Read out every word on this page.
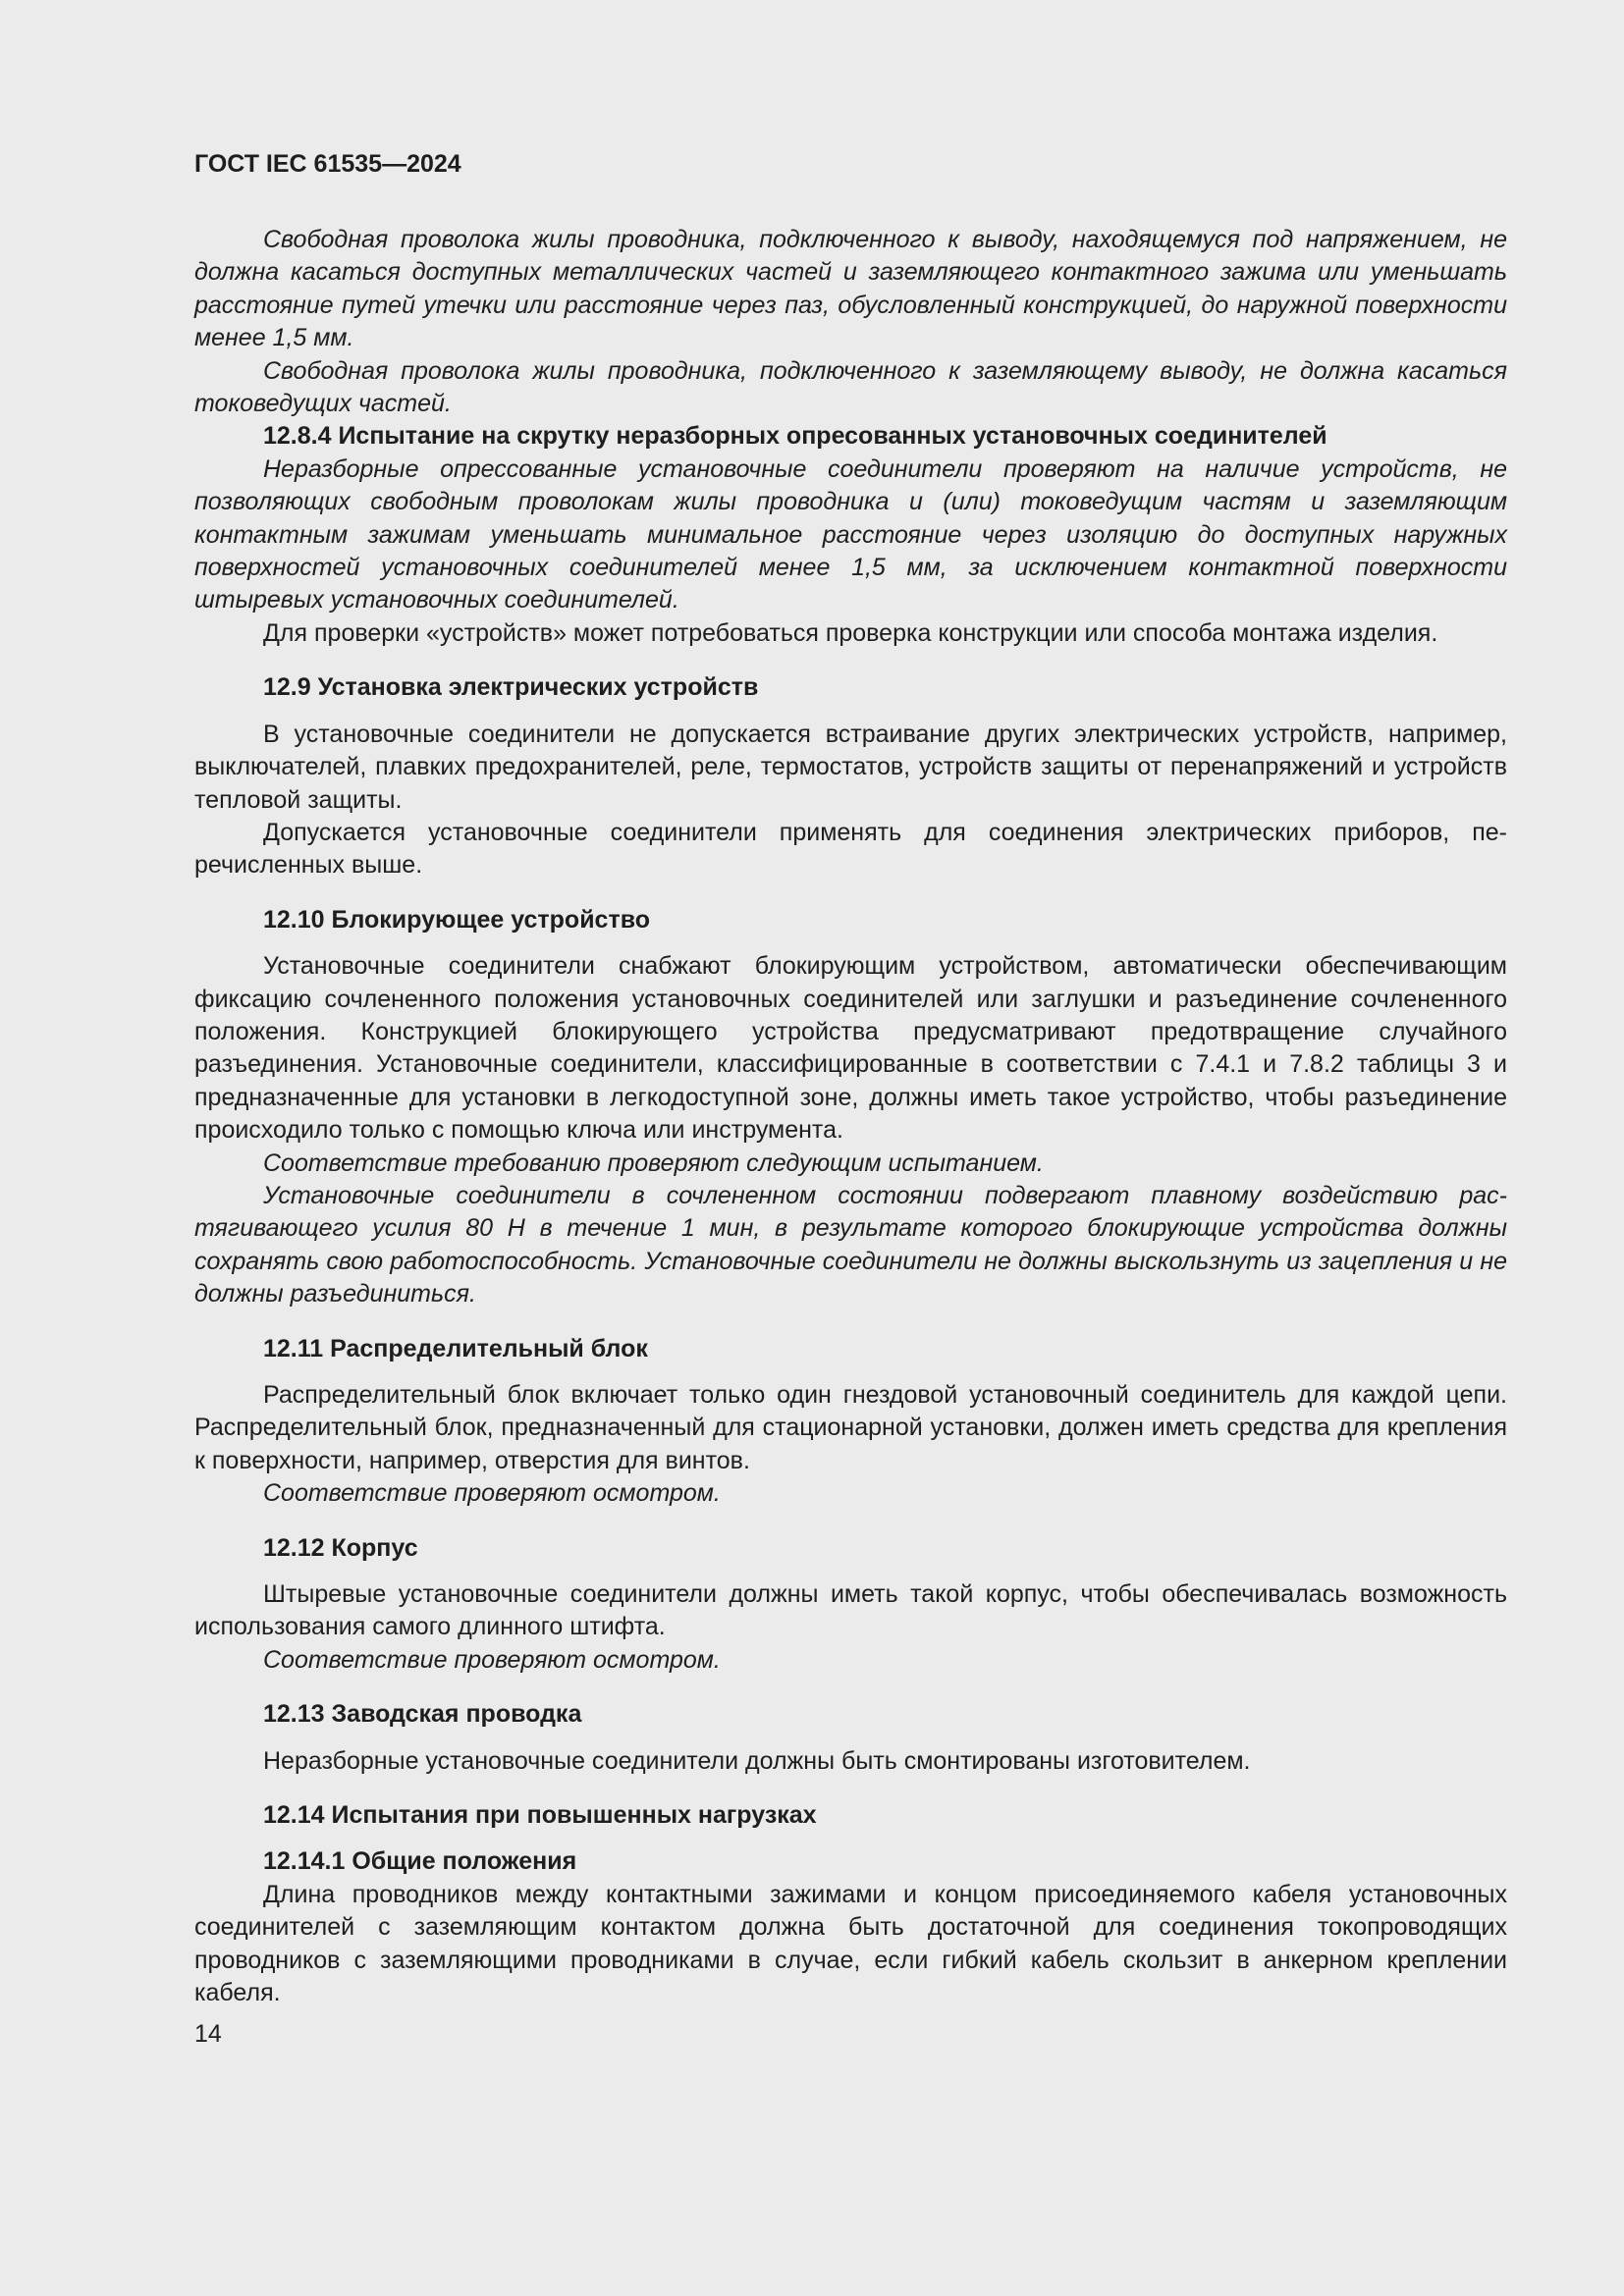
ГОСТ IEC 61535—2024
Свободная проволока жилы проводника, подключенного к выводу, находящемуся под напряжением, не должна касаться доступных металлических частей и заземляющего контактного зажима или уменьшать расстояние путей утечки или расстояние через паз, обусловленный конструкцией, до наружной поверхности менее 1,5 мм.
Свободная проволока жилы проводника, подключенного к заземляющему выводу, не должна касаться токоведущих частей.
12.8.4 Испытание на скрутку неразборных опресованных установочных соединителей
Неразборные опрессованные установочные соединители проверяют на наличие устройств, не позволяющих свободным проволокам жилы проводника и (или) токоведущим частям и заземляющим контактным зажимам уменьшать минимальное расстояние через изоляцию до доступных наружных поверхностей установочных соединителей менее 1,5 мм, за исключением контактной поверхности штыревых установочных соединителей.
Для проверки «устройств» может потребоваться проверка конструкции или способа монтажа изделия.
12.9 Установка электрических устройств
В установочные соединители не допускается встраивание других электрических устройств, например, выключателей, плавких предохранителей, реле, термостатов, устройств защиты от перенапряжений и устройств тепловой защиты.
Допускается установочные соединители применять для соединения электрических приборов, перечисленных выше.
12.10 Блокирующее устройство
Установочные соединители снабжают блокирующим устройством, автоматически обеспечивающим фиксацию сочлененного положения установочных соединителей или заглушки и разъединение сочлененного положения. Конструкцией блокирующего устройства предусматривают предотвращение случайного разъединения. Установочные соединители, классифицированные в соответствии с 7.4.1 и 7.8.2 таблицы 3 и предназначенные для установки в легкодоступной зоне, должны иметь такое устройство, чтобы разъединение происходило только с помощью ключа или инструмента.
Соответствие требованию проверяют следующим испытанием.
Установочные соединители в сочлененном состоянии подвергают плавному воздействию растягивающего усилия 80 Н в течение 1 мин, в результате которого блокирующие устройства должны сохранять свою работоспособность. Установочные соединители не должны выскользнуть из зацепления и не должны разъединиться.
12.11 Распределительный блок
Распределительный блок включает только один гнездовой установочный соединитель для каждой цепи. Распределительный блок, предназначенный для стационарной установки, должен иметь средства для крепления к поверхности, например, отверстия для винтов.
Соответствие проверяют осмотром.
12.12 Корпус
Штыревые установочные соединители должны иметь такой корпус, чтобы обеспечивалась возможность использования самого длинного штифта.
Соответствие проверяют осмотром.
12.13 Заводская проводка
Неразборные установочные соединители должны быть смонтированы изготовителем.
12.14 Испытания при повышенных нагрузках
12.14.1 Общие положения
Длина проводников между контактными зажимами и концом присоединяемого кабеля установочных соединителей с заземляющим контактом должна быть достаточной для соединения токопроводящих проводников с заземляющими проводниками в случае, если гибкий кабель скользит в анкерном креплении кабеля.
14
